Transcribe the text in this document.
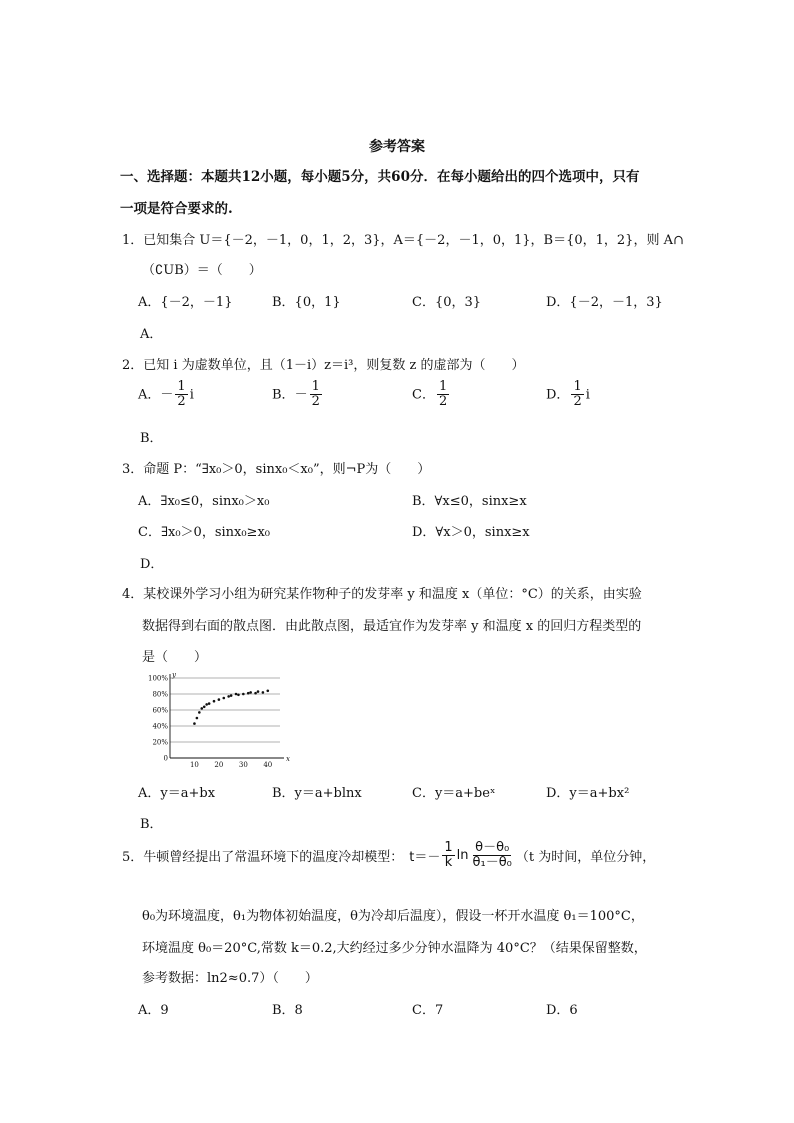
参考答案
一、选择题：本题共12小题，每小题5分，共60分．在每小题给出的四个选项中，只有
一项是符合要求的.
1．已知集合 U＝{－2，－1，0，1，2，3}，A＝{－2，－1，0，1}，B＝{0，1，2}，则 A∩
（∁UB）＝（　　）
A．{－2，－1}	B．{0，1}	C．{0，3}	D．{－2，－1，3}
A．
2．已知 i 为虚数单位，且（1－i）z＝i³，则复数 z 的虚部为（　　）
A．－ $\frac{1}{2}$ i	B．－ $\frac{1}{2}$	C． $\frac{1}{2}$	D． $\frac{1}{2}$ i
B．
3．命题 P：“∃x₀＞0，sinx₀＜x₀”，则¬P为（　　）
A．∃x₀≤0，sinx₀＞x₀	B．∀x≤0，sinx≥x
C．∃x₀＞0，sinx₀≥x₀	D．∀x＞0，sinx≥x
D．
4．某校课外学习小组为研究某作物种子的发芽率 y 和温度 x（单位：°C）的关系，由实验
数据得到右面的散点图．由此散点图，最适宜作为发芽率 y 和温度 x 的回归方程类型的
是（　　）
100%
80%
60%
40%
20%
0
10 20 30 40
x
y
A．y＝a+bx	B．y＝a+blnx	C．y＝a+beˣ	D．y＝a+bx²
B．
5．牛顿曾经提出了常温环境下的温度冷却模型： $t=- \frac{1}{k}$ $\ln \frac{\text{θ－θ₀}}{\text{θ₁－θ₀}} (t$ 为时间，单位分钟，
θ₀为环境温度，θ₁为物体初始温度，θ为冷却后温度），假设一杯开水温度 θ₁＝100°C，
环境温度 θ₀＝20°C,常数 k＝0.2,大约经过多少分钟水温降为 40°C？（结果保留整数，
参考数据：ln2≈0.7）（　　）
A．9	B．8	C．7	D．6
